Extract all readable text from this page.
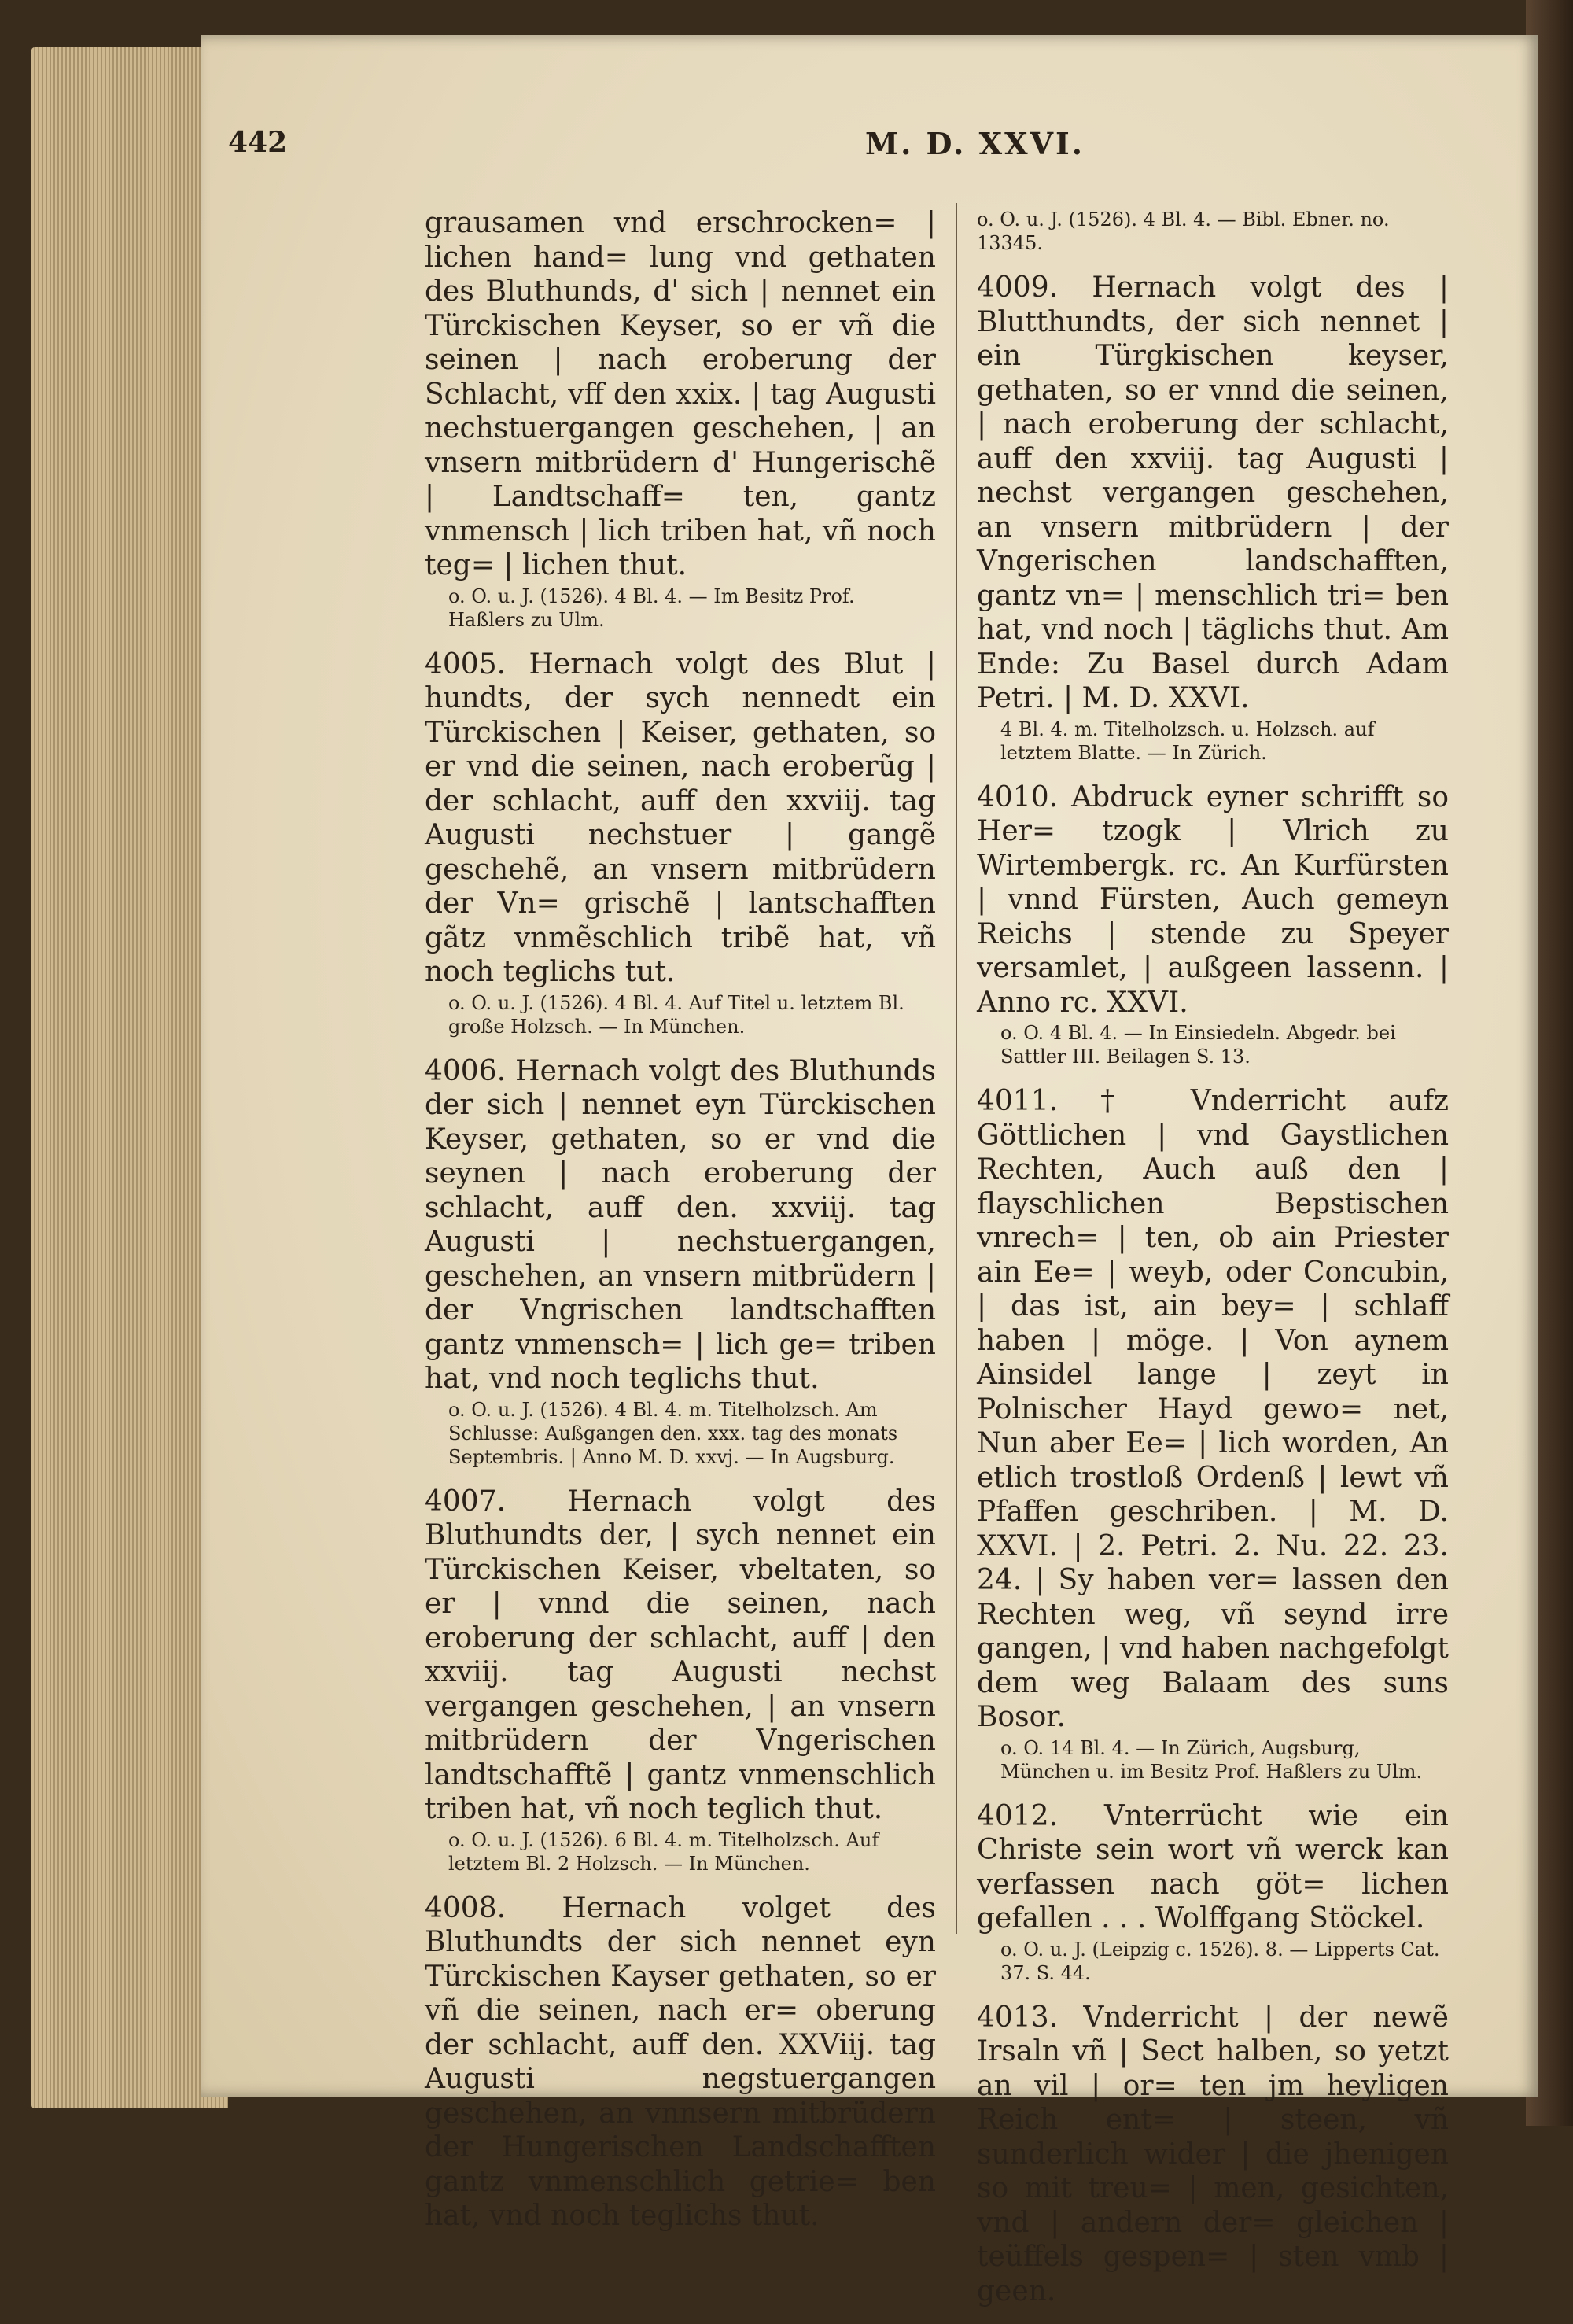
442	M. D. XXVI.

grausamen vnd erschrocken= | lichen hand= lung vnd gethaten des Bluthunds, d' sich | nennet ein Türckischen Keyser, so er vñ die seinen | nach eroberung der Schlacht, vff den xxix. | tag Augusti nechstuergangen geschehen, | an vnsern mitbrüdern d' Hungerischẽ | Landtschaff= ten, gantz vnmensch | lich triben hat, vñ noch teg= | lichen thut.

o. O. u. J. (1526). 4 Bl. 4. — Im Besitz Prof. Haßlers zu Ulm.

4005. Hernach volgt des Blut | hundts, der sych nennedt ein Türckischen | Keiser, gethaten, so er vnd die seinen, nach eroberũg | der schlacht, auff den xxviij. tag Augusti nechstuer | gangẽ geschehẽ, an vnsern mitbrüdern der Vn= grischẽ | lantschafften gãtz vnmẽschlich tribẽ hat, vñ noch teglichs tut.

o. O. u. J. (1526). 4 Bl. 4. Auf Titel u. letztem Bl. große Holzsch. — In München.

4006. Hernach volgt des Bluthunds der sich | nennet eyn Türckischen Keyser, gethaten, so er vnd die seynen | nach eroberung der schlacht, auff den. xxviij. tag Augusti | nechstuergangen, geschehen, an vnsern mitbrüdern | der Vngrischen landtschafften gantz vnmensch= | lich ge= triben hat, vnd noch teglichs thut.

o. O. u. J. (1526). 4 Bl. 4. m. Titelholzsch. Am Schlusse: Außgangen den. xxx. tag des monats Septembris. | Anno M. D. xxvj. — In Augsburg.

4007. Hernach volgt des Bluthundts der, | sych nennet ein Türckischen Keiser, vbeltaten, so er | vnnd die seinen, nach eroberung der schlacht, auff | den xxviij. tag Augusti nechst vergangen geschehen, | an vnsern mitbrüdern der Vngerischen landtschafftẽ | gantz vnmenschlich triben hat, vñ noch teglich thut.

o. O. u. J. (1526). 6 Bl. 4. m. Titelholzsch. Auf letztem Bl. 2 Holzsch. — In München.

4008. Hernach volget des Bluthundts der sich nennet eyn Türckischen Kayser gethaten, so er vñ die seinen, nach er= oberung der schlacht, auff den. XXViij. tag Augusti negstuergangen geschehen, an vnnsern mitbrüdern der Hungerischen Landschafften gantz vnmenschlich getrie= ben hat, vnd noch teglichs thut.

o. O. u. J. (1526). 4 Bl. 4. — Bibl. Ebner. no. 13345.

4009. Hernach volgt des | Blutthundts, der sich nennet | ein Türgkischen keyser, gethaten, so er vnnd die seinen, | nach eroberung der schlacht, auff den xxviij. tag Augusti | nechst vergangen geschehen, an vnsern mitbrüdern | der Vngerischen landschafften, gantz vn= | menschlich tri= ben hat, vnd noch | täglichs thut. Am Ende: Zu Basel durch Adam Petri. | M. D. XXVI.

4 Bl. 4. m. Titelholzsch. u. Holzsch. auf letztem Blatte. — In Zürich.

4010. Abdruck eyner schrifft so Her= tzogk | Vlrich zu Wirtembergk. rc. An Kurfürsten | vnnd Fürsten, Auch gemeyn Reichs | stende zu Speyer versamlet, | außgeen lassenn. | Anno rc. XXVI.

o. O. 4 Bl. 4. — In Einsiedeln. Abgedr. bei Sattler III. Beilagen S. 13.

4011. † Vnderricht aufz Göttlichen | vnd Gaystlichen Rechten, Auch auß den | flayschlichen Bepstischen vnrech= | ten, ob ain Priester ain Ee= | weyb, oder Concubin, | das ist, ain bey= | schlaff haben | möge. | Von aynem Ainsidel lange | zeyt in Polnischer Hayd gewo= net, Nun aber Ee= | lich worden, An etlich trostloß Ordenß | lewt vñ Pfaffen geschriben. | M. D. XXVI. | 2. Petri. 2. Nu. 22. 23. 24. | Sy haben ver= lassen den Rechten weg, vñ seynd irre gangen, | vnd haben nachgefolgt dem weg Balaam des suns Bosor.

o. O. 14 Bl. 4. — In Zürich, Augsburg, München u. im Besitz Prof. Haßlers zu Ulm.

4012. Vnterrücht wie ein Christe sein wort vñ werck kan verfassen nach göt= lichen gefallen . . . Wolffgang Stöckel.

o. O. u. J. (Leipzig c. 1526). 8. — Lipperts Cat. 37. S. 44.

4013. Vnderricht | der newẽ Irsaln vñ | Sect halben, so yetzt an vil | or= ten jm heyligen Reich ent= | steen, vñ sunderlich wider | die jhenigen so mit treu= | men, gesichten, vnd | andern der= gleichen | teüffels gespen= | sten vmb | geen.
